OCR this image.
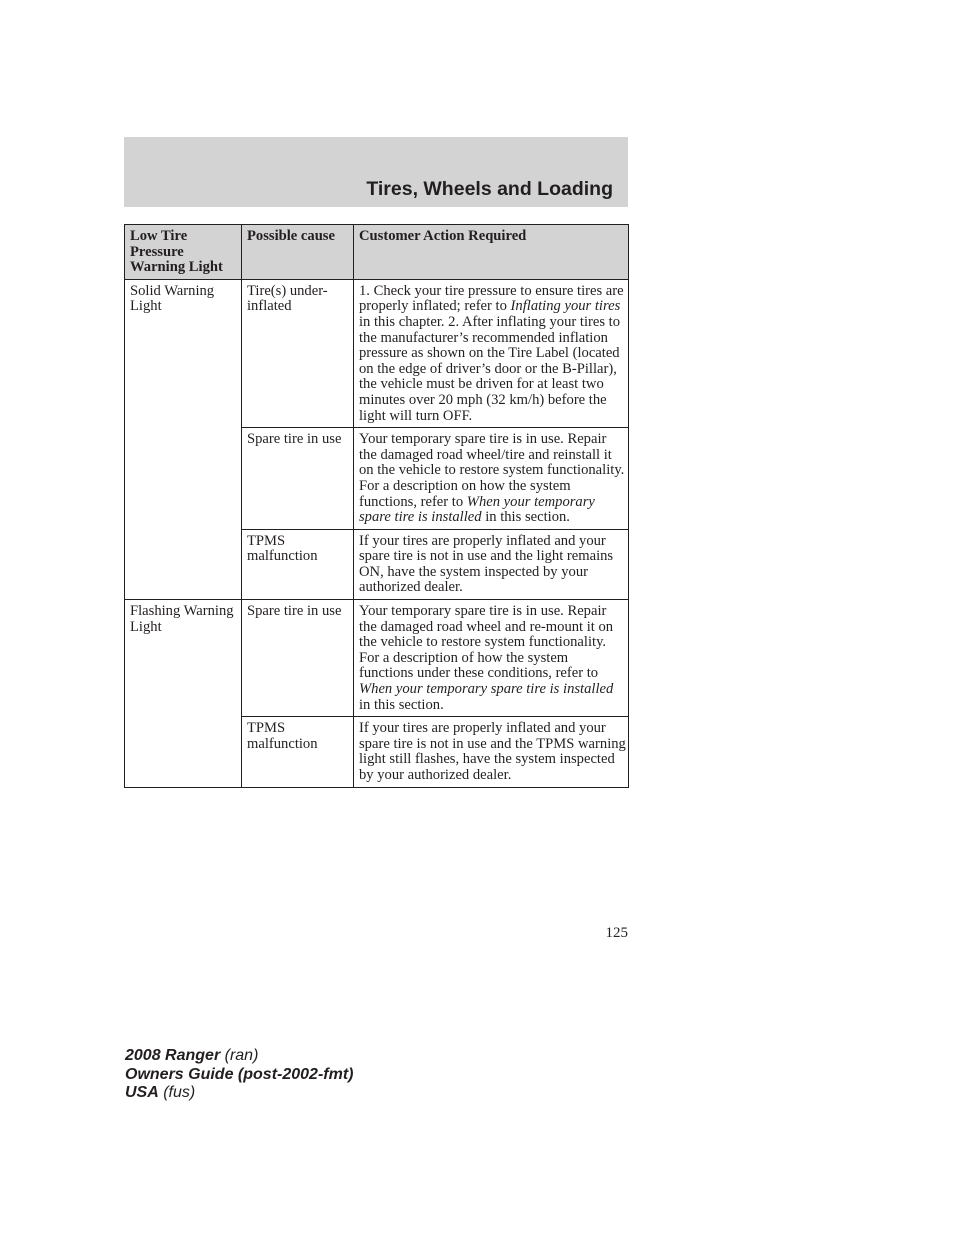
Tires, Wheels and Loading
Low Tire Pressure Warning Light	Possible cause	Customer Action Required
Solid Warning Light	Tire(s) under-inflated	1. Check your tire pressure to ensure tires are properly inflated; refer to Inflating your tires in this chapter. 2. After inflating your tires to the manufacturer’s recommended inflation pressure as shown on the Tire Label (located on the edge of driver’s door or the B-Pillar), the vehicle must be driven for at least two minutes over 20 mph (32 km/h) before the light will turn OFF.
	Spare tire in use	Your temporary spare tire is in use. Repair the damaged road wheel/tire and reinstall it on the vehicle to restore system functionality. For a description on how the system functions, refer to When your temporary spare tire is installed in this section.
	TPMS malfunction	If your tires are properly inflated and your spare tire is not in use and the light remains ON, have the system inspected by your authorized dealer.
Flashing Warning Light	Spare tire in use	Your temporary spare tire is in use. Repair the damaged road wheel and re-mount it on the vehicle to restore system functionality. For a description of how the system functions under these conditions, refer to When your temporary spare tire is installed in this section.
	TPMS malfunction	If your tires are properly inflated and your spare tire is not in use and the TPMS warning light still flashes, have the system inspected by your authorized dealer.
125
2008 Ranger (ran)
Owners Guide (post-2002-fmt)
USA (fus)
